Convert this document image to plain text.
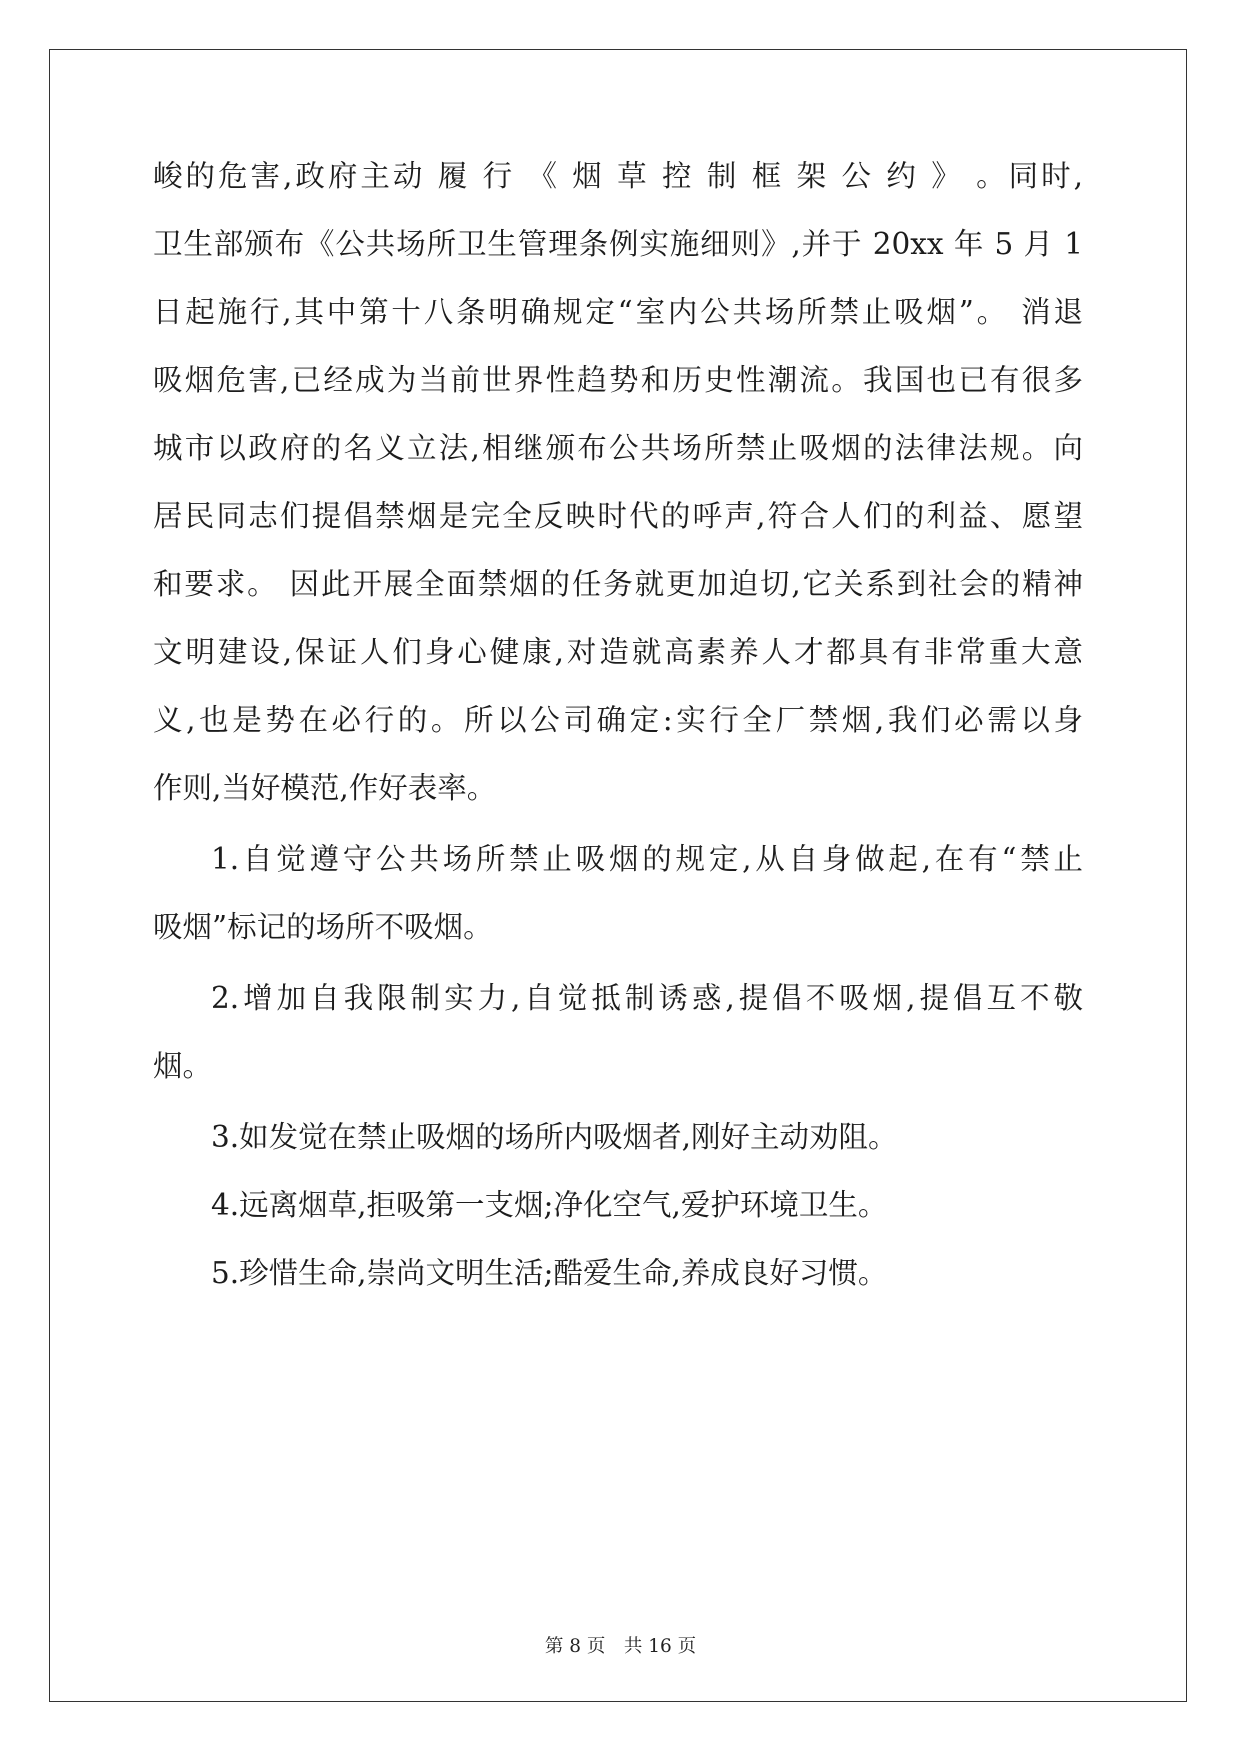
峻的危害,政府主动 履 行 《 烟 草 控 制 框 架 公 约 》 。同时,
卫生部颁布《公共场所卫生管理条例实施细则》,并于 20xx 年 5 月 1
日起施行,其中第十八条明确规定“室内公共场所禁止吸烟”。 消退
吸烟危害,已经成为当前世界性趋势和历史性潮流。我国也已有很多
城市以政府的名义立法,相继颁布公共场所禁止吸烟的法律法规。向
居民同志们提倡禁烟是完全反映时代的呼声,符合人们的利益、愿望
和要求。 因此开展全面禁烟的任务就更加迫切,它关系到社会的精神
文明建设,保证人们身心健康,对造就高素养人才都具有非常重大意
义,也是势在必行的。所以公司确定:实行全厂禁烟,我们必需以身
作则,当好模范,作好表率。
1.自觉遵守公共场所禁止吸烟的规定,从自身做起,在有“禁止
吸烟”标记的场所不吸烟。
2.增加自我限制实力,自觉抵制诱惑,提倡不吸烟,提倡互不敬
烟。
3.如发觉在禁止吸烟的场所内吸烟者,刚好主动劝阻。
4.远离烟草,拒吸第一支烟;净化空气,爱护环境卫生。
5.珍惜生命,崇尚文明生活;酷爱生命,养成良好习惯。
第 8 页　共 16 页
